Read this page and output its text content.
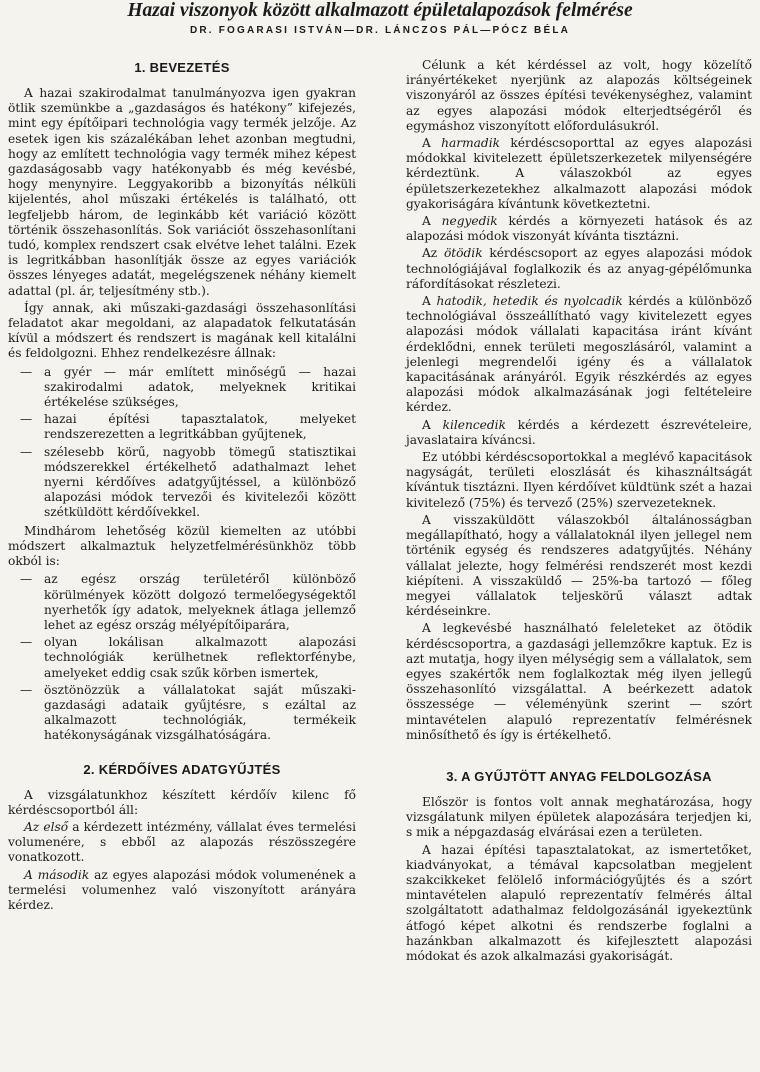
Hazai viszonyok között alkalmazott épületalapozások felmérése
DR. FOGARASI ISTVÁN—DR. LÁNCZOS PÁL—PÓCZ BÉLA
1. BEVEZETÉS

A hazai szakirodalmat tanulmányozva igen gyakran ötlik szemünkbe a „gazdaságos és hatékony” kifejezés, mint egy építőipari technológia vagy termék jelzője. Az esetek igen kis százalékában lehet azonban megtudni, hogy az említett technológia vagy termék mihez képest gazdaságosabb vagy hatékonyabb és még kevésbé, hogy menynyire. Leggyakoribb a bizonyítás nélküli kijelentés, ahol műszaki értékelés is található, ott legfeljebb három, de leginkább két variáció között történik összehasonlítás. Sok variációt összehasonlítani tudó, komplex rendszert csak elvétve lehet találni. Ezek is legritkábban hasonlítják össze az egyes variációk összes lényeges adatát, megelégszenek néhány kiemelt adattal (pl. ár, teljesítmény stb.).

Így annak, aki műszaki-gazdasági összehasonlítási feladatot akar megoldani, az alapadatok felkutatásán kívül a módszert és rendszert is magának kell kitalálni és feldolgozni. Ehhez rendelkezésre állnak:

— a gyér — már említett minőségű — hazai szakirodalmi adatok, melyeknek kritikai értékelése szükséges,
— hazai építési tapasztalatok, melyeket rendszerezetten a legritkábban gyűjtenek,
— szélesebb körű, nagyobb tömegű statisztikai módszerekkel értékelhető adathalmazt lehet nyerni kérdőíves adatgyűjtéssel, a különböző alapozási módok tervezői és kivitelezői között szétküldött kérdőívekkel.

Mindhárom lehetőség közül kiemelten az utóbbi módszert alkalmaztuk helyzetfelmérésünkhöz több okból is:

— az egész ország területéről különböző körülmények között dolgozó termelőegységektől nyerhetők így adatok, melyeknek átlaga jellemző lehet az egész ország mélyépítőiparára,
— olyan lokálisan alkalmazott alapozási technológiák kerülhetnek reflektorfénybe, amelyeket eddig csak szűk körben ismertek,
— ösztönözzük a vállalatokat saját műszaki-gazdasági adataik gyűjtésre, s ezáltal az alkalmazott technológiák, termékeik hatékonyságának vizsgálhatóságára.
2. KÉRDŐÍVES ADATGYŰJTÉS

A vizsgálatunkhoz készített kérdőív kilenc fő kérdéscsoportból áll:

Az első a kérdezett intézmény, vállalat éves termelési volumenére, s ebből az alapozás részösszegére vonatkozott.

A második az egyes alapozási módok volumenének a termelési volumenhez való viszonyított arányára kérdez.

Célunk a két kérdéssel az volt, hogy közelítő irányértékeket nyerjünk az alapozás költségeinek viszonyáról az összes építési tevékenységhez, valamint az egyes alapozási módok elterjedtségéről és egymáshoz viszonyított előfordulásukról.

A harmadik kérdéscsoporttal az egyes alapozási módokkal kivitelezett épületszerkezetek milyenségére kérdeztünk. A válaszokból az egyes épületszerkezetekhez alkalmazott alapozási módok gyakoriságára kívántunk következtetni.

A negyedik kérdés a környezeti hatások és az alapozási módok viszonyát kívánta tisztázni.

Az ötödik kérdéscsoport az egyes alapozási módok technológiájával foglalkozik és az anyag-gépélőmunka ráfordításokat részletezi.

A hatodik, hetedik és nyolcadik kérdés a különböző technológiával összeállítható vagy kivitelezett egyes alapozási módok vállalati kapacitása iránt kívánt érdeklődni, ennek területi megoszlásáról, valamint a jelenlegi megrendelői igény és a vállalatok kapacitásának arányáról. Egyik részkérdés az egyes alapozási módok alkalmazásának jogi feltételeire kérdez.

A kilencedik kérdés a kérdezett észrevételeire, javaslataira kíváncsi.

Ez utóbbi kérdéscsoportokkal a meglévő kapacitások nagyságát, területi eloszlását és kihasználtságát kívántuk tisztázni. Ilyen kérdőívet küldtünk szét a hazai kivitelező (75%) és tervező (25%) szervezeteknek.

A visszaküldött válaszokból általánosságban megállapítható, hogy a vállalatoknál ilyen jellegel nem történik egység és rendszeres adatgyűjtés. Néhány vállalat jelezte, hogy felmérési rendszerét most kezdi kiépíteni. A visszaküldő — 25%-ba tartozó — főleg megyei vállalatok teljeskörű választ adtak kérdéseinkre.

A legkevésbé használható feleleteket az ötödik kérdéscsoportra, a gazdasági jellemzőkre kaptuk. Ez is azt mutatja, hogy ilyen mélységig sem a vállalatok, sem egyes szakértők nem foglalkoztak még ilyen jellegű összehasonlító vizsgálattal. A beérkezett adatok összessége — véleményünk szerint — szórt mintavételen alapuló reprezentatív felmérésnek minősíthető és így is értékelhető.

3. A GYŰJTÖTT ANYAG FELDOLGOZÁSA

Először is fontos volt annak meghatározása, hogy vizsgálatunk milyen épületek alapozására terjedjen ki, s mik a népgazdaság elvárásai ezen a területen.

A hazai építési tapasztalatokat, az ismertetőket, kiadványokat, a témával kapcsolatban megjelent szakcikkeket felölelő információgyűjtés és a szórt mintavételen alapuló reprezentatív felmérés által szolgáltatott adathalmaz feldolgozásánál igyekeztünk átfogó képet alkotni és rendszerbe foglalni a hazánkban alkalmazott és kifejlesztett alapozási módokat és azok alkalmazási gyakoriságát.
